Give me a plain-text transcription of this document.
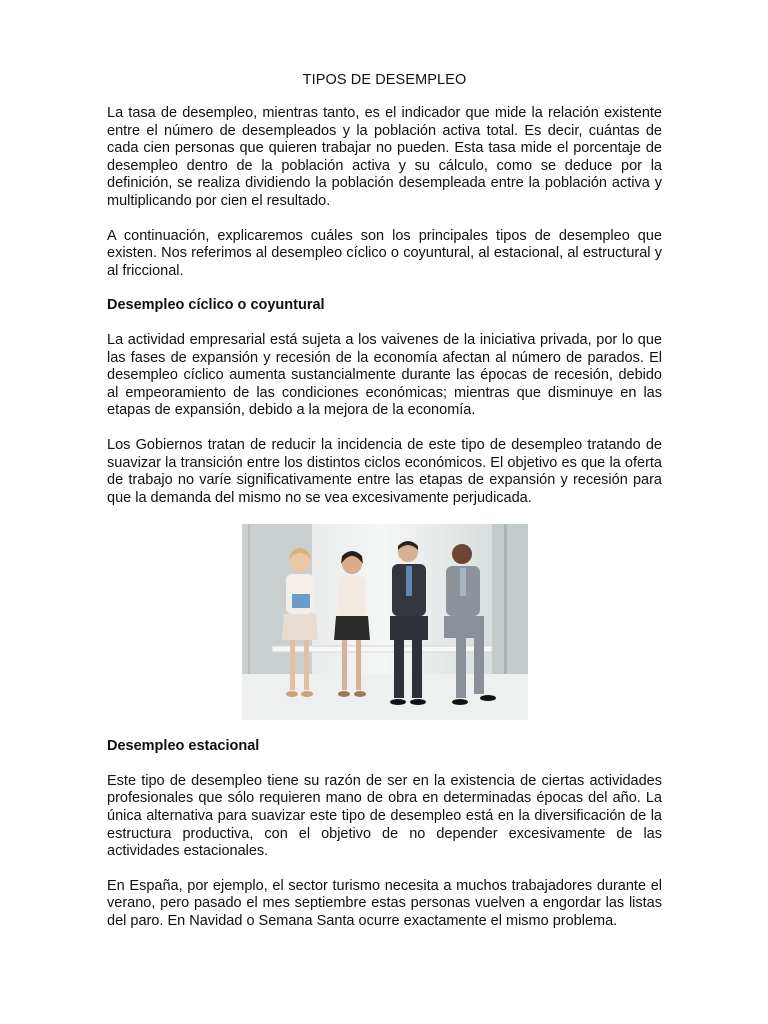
TIPOS DE DESEMPLEO

La tasa de desempleo, mientras tanto, es el indicador que mide la relación existente entre el número de desempleados y la población activa total. Es decir, cuántas de cada cien personas que quieren trabajar no pueden. Esta tasa mide el porcentaje de desempleo dentro de la población activa y su cálculo, como se deduce por la definición, se realiza dividiendo la población desempleada entre la población activa y multiplicando por cien el resultado.

A continuación, explicaremos cuáles son los principales tipos de desempleo que existen. Nos referimos al desempleo cíclico o coyuntural, al estacional, al estructural y al friccional.

Desempleo cíclico o coyuntural

La actividad empresarial está sujeta a los vaivenes de la iniciativa privada, por lo que las fases de expansión y recesión de la economía afectan al número de parados. El desempleo cíclico aumenta sustancialmente durante las épocas de recesión, debido al empeoramiento de las condiciones económicas; mientras que disminuye en las etapas de expansión, debido a la mejora de la economía.

Los Gobiernos tratan de reducir la incidencia de este tipo de desempleo tratando de suavizar la transición entre los distintos ciclos económicos. El objetivo es que la oferta de trabajo no varíe significativamente entre las etapas de expansión y recesión para que la demanda del mismo no se vea excesivamente perjudicada.

Desempleo estacional

Este tipo de desempleo tiene su razón de ser en la existencia de ciertas actividades profesionales que sólo requieren mano de obra en determinadas épocas del año. La única alternativa para suavizar este tipo de desempleo está en la diversificación de la estructura productiva, con el objetivo de no depender excesivamente de las actividades estacionales.

En España, por ejemplo, el sector turismo necesita a muchos trabajadores durante el verano, pero pasado el mes septiembre estas personas vuelven a engordar las listas del paro. En Navidad o Semana Santa ocurre exactamente el mismo problema.
